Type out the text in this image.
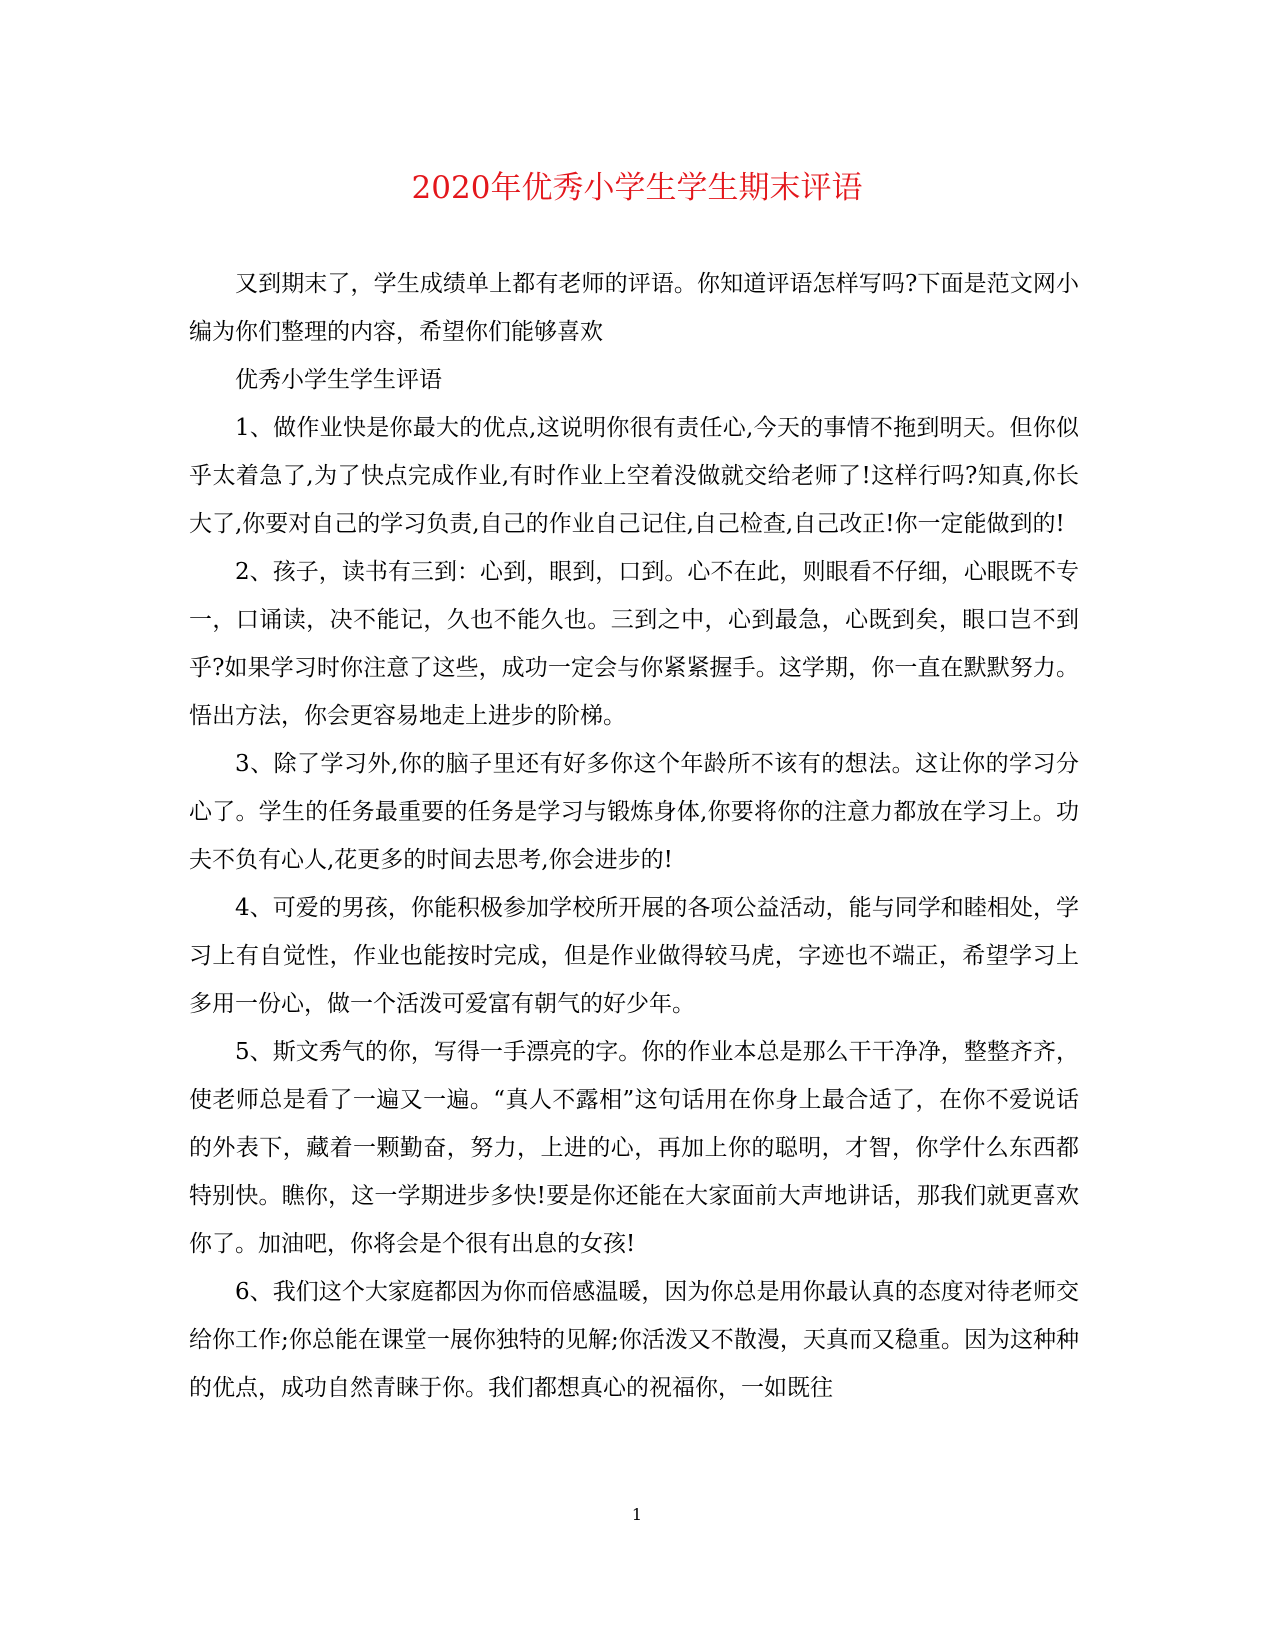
2020年优秀小学生学生期末评语

又到期末了，学生成绩单上都有老师的评语。你知道评语怎样写吗?下面是范文网小编为你们整理的内容，希望你们能够喜欢

优秀小学生学生评语

1、做作业快是你最大的优点,这说明你很有责任心,今天的事情不拖到明天。但你似乎太着急了,为了快点完成作业,有时作业上空着没做就交给老师了!这样行吗?知真,你长大了,你要对自己的学习负责,自己的作业自己记住,自己检查,自己改正!你一定能做到的!

2、孩子，读书有三到：心到，眼到，口到。心不在此，则眼看不仔细，心眼既不专一，口诵读，决不能记，久也不能久也。三到之中，心到最急，心既到矣，眼口岂不到乎?如果学习时你注意了这些，成功一定会与你紧紧握手。这学期，你一直在默默努力。悟出方法，你会更容易地走上进步的阶梯。

3、除了学习外,你的脑子里还有好多你这个年龄所不该有的想法。这让你的学习分心了。学生的任务最重要的任务是学习与锻炼身体,你要将你的注意力都放在学习上。功夫不负有心人,花更多的时间去思考,你会进步的!

4、可爱的男孩，你能积极参加学校所开展的各项公益活动，能与同学和睦相处，学习上有自觉性，作业也能按时完成，但是作业做得较马虎，字迹也不端正，希望学习上多用一份心，做一个活泼可爱富有朝气的好少年。

5、斯文秀气的你，写得一手漂亮的字。你的作业本总是那么干干净净，整整齐齐，使老师总是看了一遍又一遍。“真人不露相”这句话用在你身上最合适了，在你不爱说话的外表下，藏着一颗勤奋，努力，上进的心，再加上你的聪明，才智，你学什么东西都特别快。瞧你，这一学期进步多快!要是你还能在大家面前大声地讲话，那我们就更喜欢你了。加油吧，你将会是个很有出息的女孩!

6、我们这个大家庭都因为你而倍感温暖，因为你总是用你最认真的态度对待老师交给你工作;你总能在课堂一展你独特的见解;你活泼又不散漫，天真而又稳重。因为这种种的优点，成功自然青睐于你。我们都想真心的祝福你，一如既往

1
